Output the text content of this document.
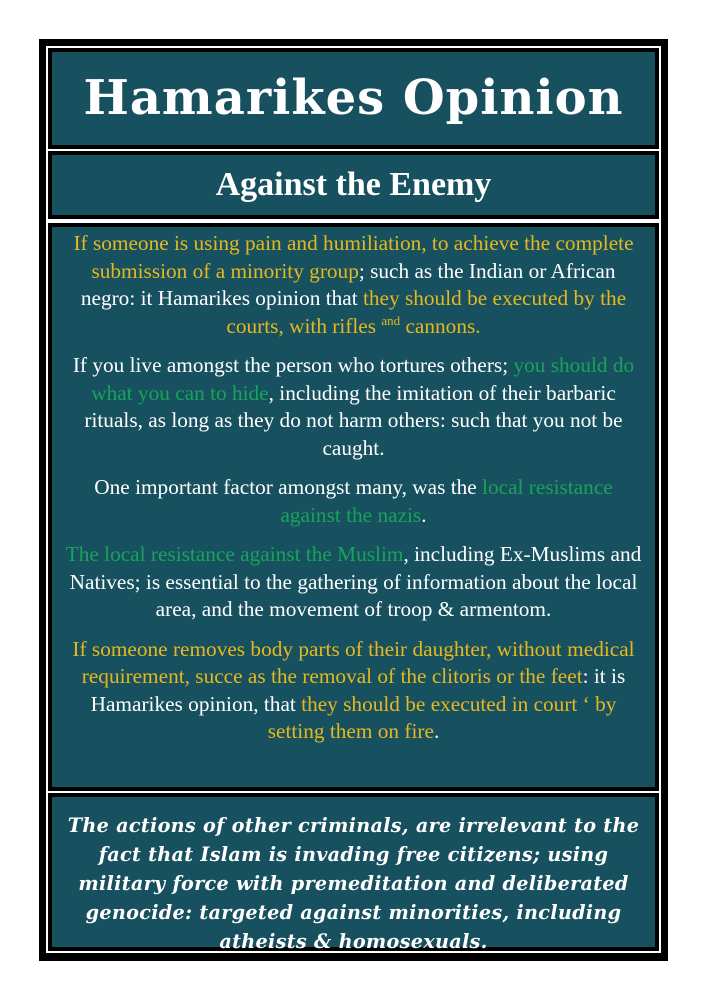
Hamarikes Opinion
Against the Enemy

If someone is using pain and humiliation, to achieve the complete submission of a minority group; such as the Indian or African negro: it Hamarikes opinion that they should be executed by the courts, with rifles $^{and}$ cannons.

If you live amongst the person who tortures others; you should do what you can to hide, including the imitation of their barbaric rituals, as long as they do not harm others: such that you not be caught.

One important factor amongst many, was the local resistance against the nazis.

The local resistance against the Muslim, including Ex-Muslims and Natives; is essential to the gathering of information about the local area, and the movement of troop & armentom.

If someone removes body parts of their daughter, without medical requirement, succe as the removal of the clitoris or the feet: it is Hamarikes opinion, that they should be executed in court ‘ by setting them on fire.

The actions of other criminals, are irrelevant to the fact that Islam is invading free citizens; using military force with premeditation and deliberated genocide: targeted against minorities, including atheists & homosexuals.
